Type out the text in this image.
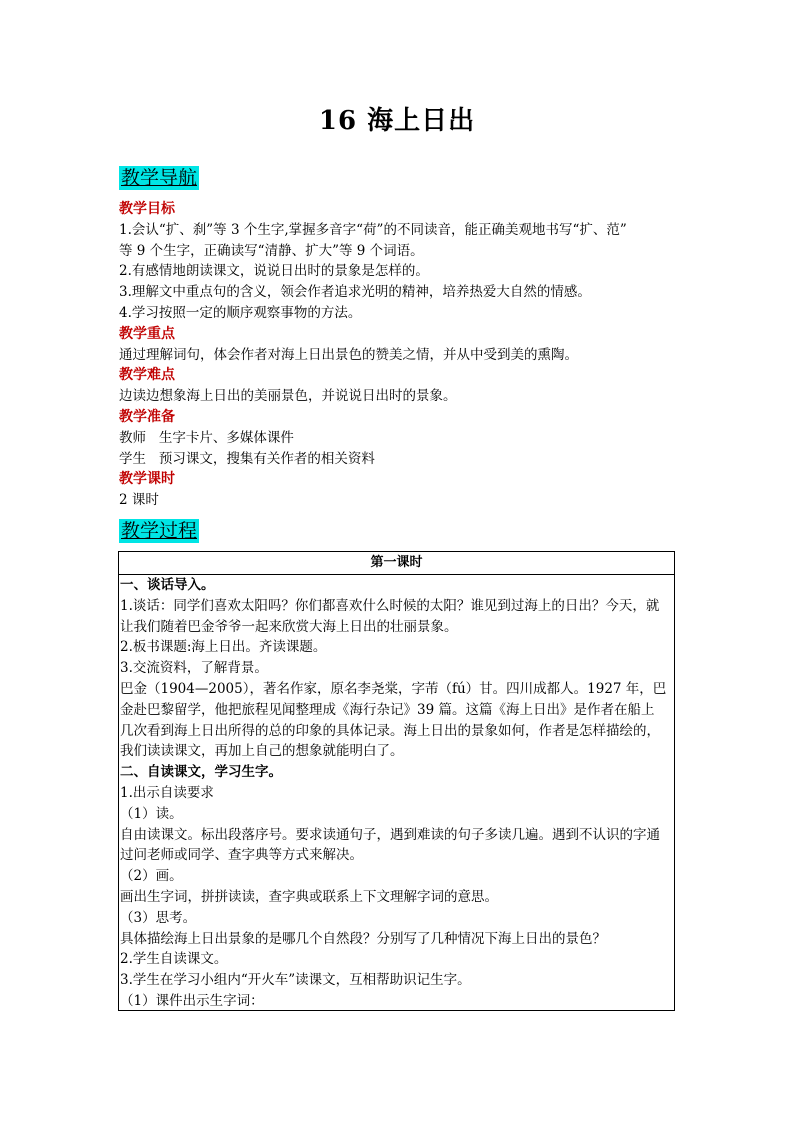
16 海上日出
教学导航

教学目标

1.会认“扩、刹”等 3 个生字,掌握多音字“荷”的不同读音，能正确美观地书写“扩、范”

等 9 个生字，正确读写“清静、扩大”等 9 个词语。

2.有感情地朗读课文，说说日出时的景象是怎样的。

3.理解文中重点句的含义，领会作者追求光明的精神，培养热爱大自然的情感。

4.学习按照一定的顺序观察事物的方法。

教学重点

通过理解词句，体会作者对海上日出景色的赞美之情，并从中受到美的熏陶。

教学难点

边读边想象海上日出的美丽景色，并说说日出时的景象。

教学准备

教师   生字卡片、多媒体课件

学生   预习课文，搜集有关作者的相关资料

教学课时

2 课时

教学过程
第一课时

一、谈话导入。

1.谈话：同学们喜欢太阳吗？你们都喜欢什么时候的太阳？谁见到过海上的日出？今天，就

让我们随着巴金爷爷一起来欣赏大海上日出的壮丽景象。

2.板书课题:海上日出。齐读课题。

3.交流资料，了解背景。

巴金（1904—2005），著名作家，原名李尧棠，字芾（fú）甘。四川成都人。1927 年，巴

金赴巴黎留学，他把旅程见闻整理成《海行杂记》39 篇。这篇《海上日出》是作者在船上

几次看到海上日出所得的总的印象的具体记录。海上日出的景象如何，作者是怎样描绘的，

我们读读课文，再加上自己的想象就能明白了。

二、自读课文，学习生字。

1.出示自读要求

（1）读。

自由读课文。标出段落序号。要求读通句子，遇到难读的句子多读几遍。遇到不认识的字通

过问老师或同学、查字典等方式来解决。

（2）画。

画出生字词，拼拼读读，查字典或联系上下文理解字词的意思。

（3）思考。

具体描绘海上日出景象的是哪几个自然段？分别写了几种情况下海上日出的景色？

2.学生自读课文。

3.学生在学习小组内“开火车”读课文，互相帮助识记生字。

（1）课件出示生字词：
